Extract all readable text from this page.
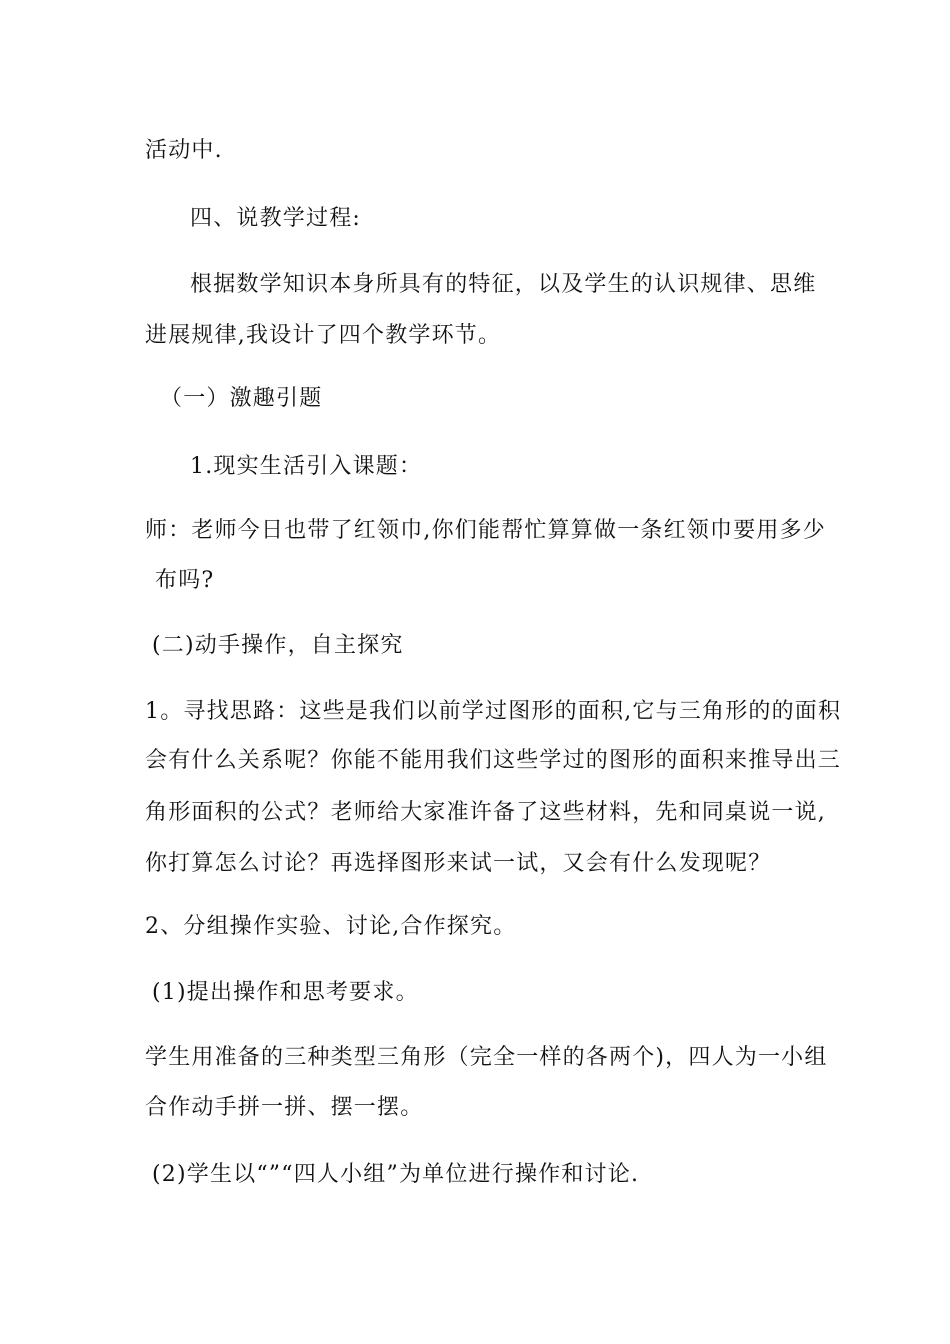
活动中.
四、说教学过程:
根据数学知识本身所具有的特征，以及学生的认识规律、思维
进展规律,我设计了四个教学环节。
（一）激趣引题
1.现实生活引入课题：
师：老师今日也带了红领巾,你们能帮忙算算做一条红领巾要用多少
布吗?
(二)动手操作，自主探究
1。寻找思路：这些是我们以前学过图形的面积,它与三角形的的面积
会有什么关系呢？你能不能用我们这些学过的图形的面积来推导出三
角形面积的公式？老师给大家准许备了这些材料，先和同桌说一说,
你打算怎么讨论？再选择图形来试一试，又会有什么发现呢？
2、分组操作实验、讨论,合作探究。
(1)提出操作和思考要求。
学生用准备的三种类型三角形（完全一样的各两个)，四人为一小组
合作动手拼一拼、摆一摆。
(2)学生以“”“四人小组”为单位进行操作和讨论.
